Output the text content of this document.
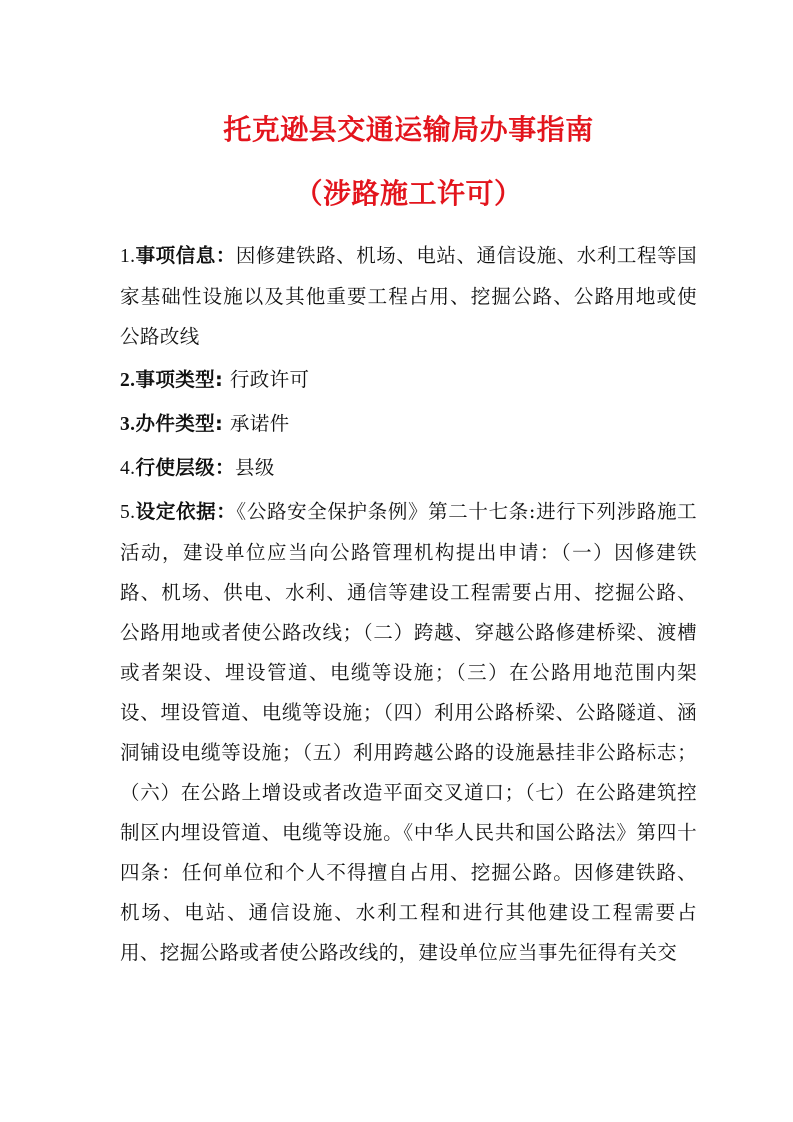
托克逊县交通运输局办事指南
（涉路施工许可）

1.事项信息：因修建铁路、机场、电站、通信设施、水利工程等国家基础性设施以及其他重要工程占用、挖掘公路、公路用地或使公路改线

2.事项类型: 行政许可

3.办件类型: 承诺件

4.行使层级：县级

5.设定依据：《公路安全保护条例》第二十七条:进行下列涉路施工活动，建设单位应当向公路管理机构提出申请：（一）因修建铁路、机场、供电、水利、通信等建设工程需要占用、挖掘公路、公路用地或者使公路改线；（二）跨越、穿越公路修建桥梁、渡槽或者架设、埋设管道、电缆等设施；（三）在公路用地范围内架设、埋设管道、电缆等设施；（四）利用公路桥梁、公路隧道、涵洞铺设电缆等设施；（五）利用跨越公路的设施悬挂非公路标志；（六）在公路上增设或者改造平面交叉道口；（七）在公路建筑控制区内埋设管道、电缆等设施。《中华人民共和国公路法》第四十四条：任何单位和个人不得擅自占用、挖掘公路。因修建铁路、机场、电站、通信设施、水利工程和进行其他建设工程需要占用、挖掘公路或者使公路改线的，建设单位应当事先征得有关交
